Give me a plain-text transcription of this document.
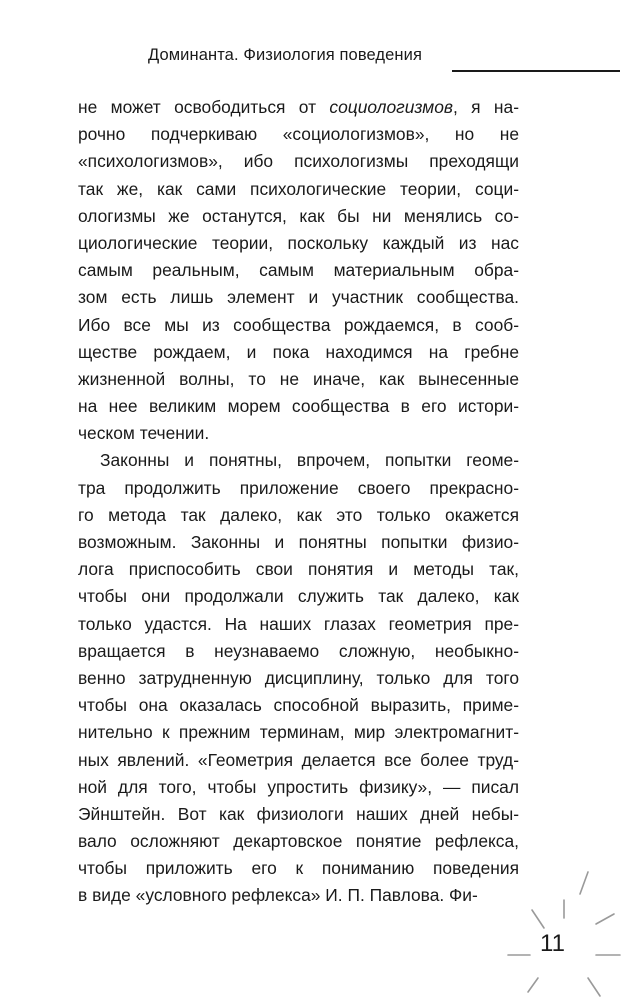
Доминанта. Физиология поведения
не может освободиться от социологизмов, я на-
рочно подчеркиваю «социологизмов», но не
«психологизмов», ибо психологизмы преходящи
так же, как сами психологические теории, соци-
ологизмы же останутся, как бы ни менялись со-
циологические теории, поскольку каждый из нас
самым реальным, самым материальным обра-
зом есть лишь элемент и участник сообщества.
Ибо все мы из сообщества рождаемся, в сооб-
ществе рождаем, и пока находимся на гребне
жизненной волны, то не иначе, как вынесенные
на нее великим морем сообщества в его истори-
ческом течении.
Законны и понятны, впрочем, попытки геоме-
тра продолжить приложение своего прекрасно-
го метода так далеко, как это только окажется
возможным. Законны и понятны попытки физио-
лога приспособить свои понятия и методы так,
чтобы они продолжали служить так далеко, как
только удастся. На наших глазах геометрия пре-
вращается в неузнаваемо сложную, необыкно-
венно затрудненную дисциплину, только для того
чтобы она оказалась способной выразить, приме-
нительно к прежним терминам, мир электромагнит-
ных явлений. «Геометрия делается все более труд-
ной для того, чтобы упростить физику», — писал
Эйнштейн. Вот как физиологи наших дней небы-
вало осложняют декартовское понятие рефлекса,
чтобы приложить его к пониманию поведения
в виде «условного рефлекса» И. П. Павлова. Фи-
11
